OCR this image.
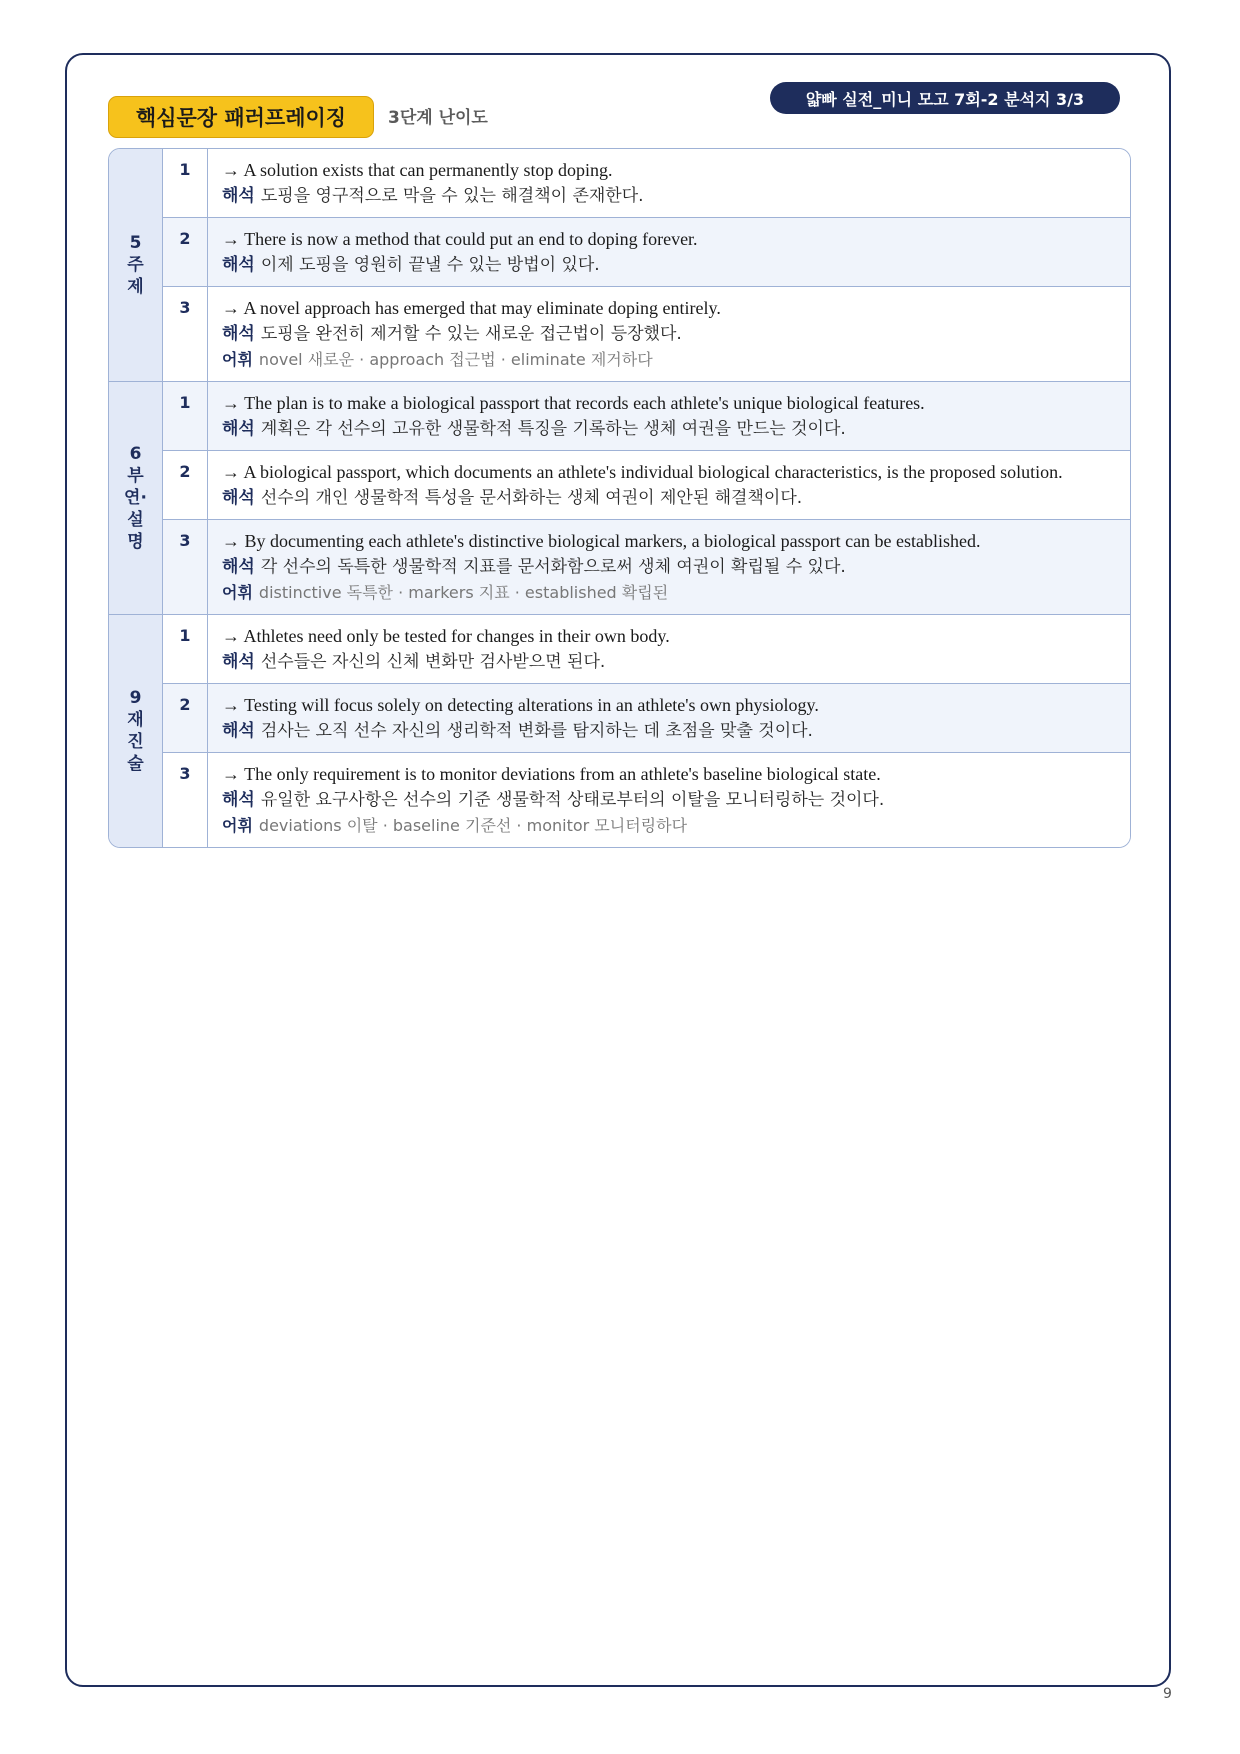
핵심문장 패러프레이징	3단계 난이도
얇빠 실전_미니 모고 7회-2 분석지 3/3
5
주
제
1	→ A solution exists that can permanently stop doping.
해석 도핑을 영구적으로 막을 수 있는 해결책이 존재한다.
2	→ There is now a method that could put an end to doping forever.
해석 이제 도핑을 영원히 끝낼 수 있는 방법이 있다.
3	→ A novel approach has emerged that may eliminate doping entirely.
해석 도핑을 완전히 제거할 수 있는 새로운 접근법이 등장했다.
어휘 novel 새로운 · approach 접근법 · eliminate 제거하다
6
부
연·
설
명
1	→ The plan is to make a biological passport that records each athlete's unique biological features.
해석 계획은 각 선수의 고유한 생물학적 특징을 기록하는 생체 여권을 만드는 것이다.
2	→ A biological passport, which documents an athlete's individual biological characteristics, is the proposed solution.
해석 선수의 개인 생물학적 특성을 문서화하는 생체 여권이 제안된 해결책이다.
3	→ By documenting each athlete's distinctive biological markers, a biological passport can be established.
해석 각 선수의 독특한 생물학적 지표를 문서화함으로써 생체 여권이 확립될 수 있다.
어휘 distinctive 독특한 · markers 지표 · established 확립된
9
재
진
술
1	→ Athletes need only be tested for changes in their own body.
해석 선수들은 자신의 신체 변화만 검사받으면 된다.
2	→ Testing will focus solely on detecting alterations in an athlete's own physiology.
해석 검사는 오직 선수 자신의 생리학적 변화를 탐지하는 데 초점을 맞출 것이다.
3	→ The only requirement is to monitor deviations from an athlete's baseline biological state.
해석 유일한 요구사항은 선수의 기준 생물학적 상태로부터의 이탈을 모니터링하는 것이다.
어휘 deviations 이탈 · baseline 기준선 · monitor 모니터링하다
9
